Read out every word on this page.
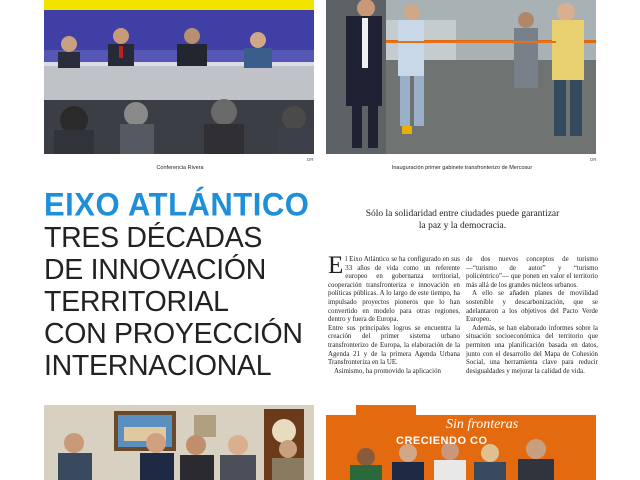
Conferencia Rivera
DR
Inauguración primer gabinete transfronterizo de Mercosur
DR
EIXO ATLÁNTICO
TRES DÉCADAS
DE INNOVACIÓN
TERRITORIAL
CON PROYECCIÓN
INTERNACIONAL
Sólo la solidaridad entre ciudades puede garantizar
la paz y la democracia.

El Eixo Atlántico se ha configurado en sus 33 años de vida como un referente europeo en gobernanza territorial, cooperación transfronteriza e innovación en políticas públicas. A lo largo de este tiempo, ha impulsado proyectos pioneros que lo han convertido en modelo para otras regiones, dentro y fuera de Europa.

Entre sus principales logros se encuentra la creación del primer sistema urbano transfronterizo de Europa, la elaboración de la Agenda 21 y de la primera Agenda Urbana Transfronteriza en la UE.

Asimismo, ha promovido la aplicación

de dos nuevos conceptos de turismo —“turismo de autor” y “turismo policéntrico”— que ponen en valor el territorio más allá de los grandes núcleos urbanos.

A ello se añaden planes de movilidad sostenible y descarbonización, que se adelantaron a los objetivos del Pacto Verde Europeo.

Además, se han elaborado informes sobre la situación socioeconómica del territorio que permiten una planificación basada en datos, junto con el desarrollo del Mapa de Cohesión Social, una herramienta clave para reducir desigualdades y mejorar la calidad de vida.

Sin fronteras
CRECIENDO CO
